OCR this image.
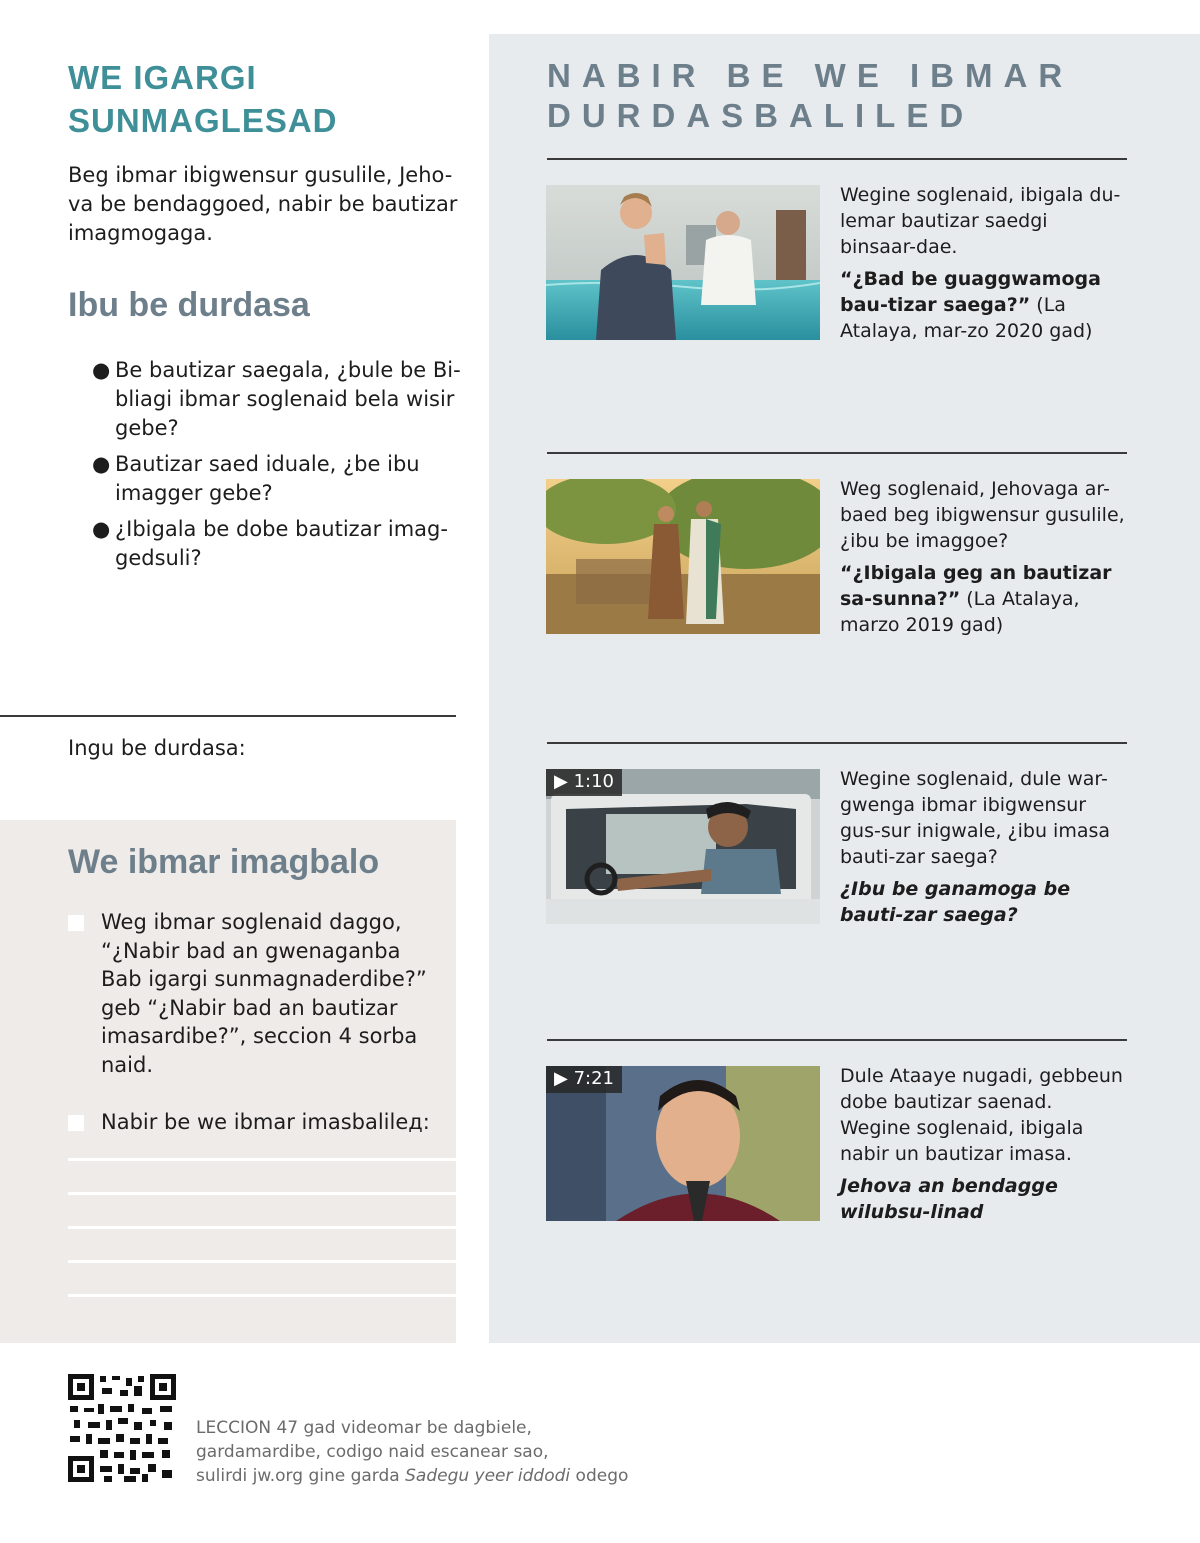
NABIR BE WE IBMAR
DURDASBALILED
WE IGARGI
SUNMAGLESAD
Beg ibmar ibigwensur gusulile, Jeho-va be bendaggoed, nabir be bautizar imagmogaga.
Ibu be durdasa
● Be bautizar saegala, ¿bule be Bi-bliagi ibmar soglenaid bela wisir gebe?
● Bautizar saed iduale, ¿be ibu imagger gebe?
● ¿Ibigala be dobe bautizar imag-gedsuli?
Ingu be durdasa:
We ibmar imagbalo
Weg ibmar soglenaid daggo, “¿Nabir bad an gwenaganba Bab igargi sunmagnaderdibe?” geb “¿Nabir bad an bautizar imasardibe?”, seccion 4 sorba naid.
Nabir be we ibmar imasbalilед:

Wegine soglenaid, ibigala du-lemar bautizar saedgi binsaar-dae.

“¿Bad be guaggwamoga bau-tizar saega?” (La Atalaya, mar-zo 2020 gad)

Weg soglenaid, Jehovaga ar-baed beg ibigwensur gusulile, ¿ibu be imaggoe?

“¿Ibigala geg an bautizar sa-sunna?” (La Atalaya, marzo 2019 gad)

▶ 1:10	Wegine soglenaid, dule war-gwenga ibmar ibigwensur gus-sur inigwale, ¿ibu imasa bauti-zar saega?

¿Ibu be ganamoga be bauti-zar saega?

▶ 7:21	Dule Ataaye nugadi, gebbeun dobe bautizar saenad. Wegine soglenaid, ibigala nabir un bautizar imasa.

Jehova an bendagge wilubsu-linad

LECCION 47 gad videomar be dagbiele,
gardamardibe, codigo naid escanear sao,
sulirdi jw.org gine garda Sadegu yeer iddodi odego
